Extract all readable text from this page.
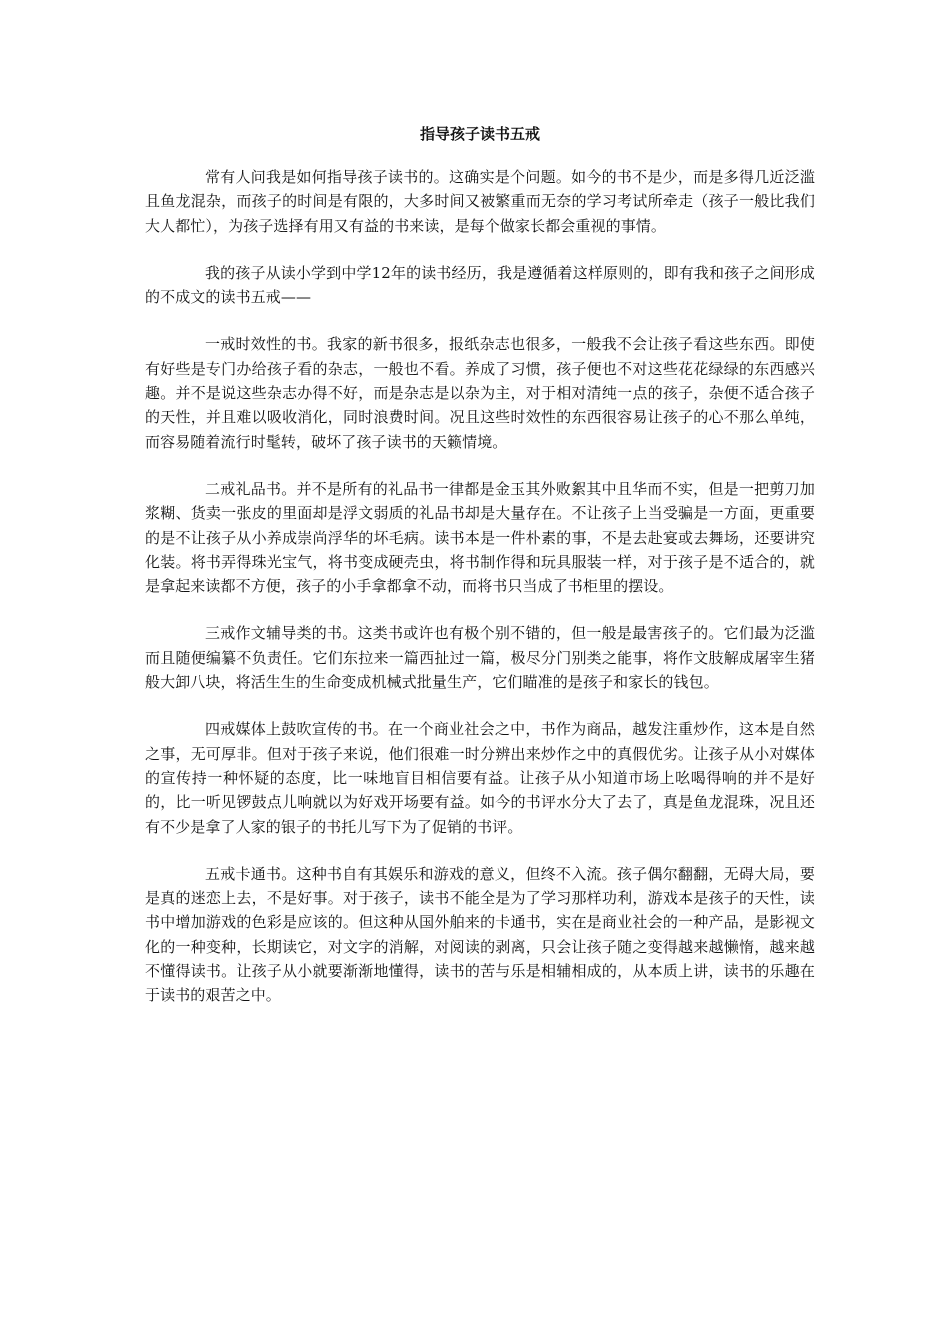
指导孩子读书五戒

常有人问我是如何指导孩子读书的。这确实是个问题。如今的书不是少，而是多得几近泛滥且鱼龙混杂，而孩子的时间是有限的，大多时间又被繁重而无奈的学习考试所牵走（孩子一般比我们大人都忙），为孩子选择有用又有益的书来读，是每个做家长都会重视的事情。

我的孩子从读小学到中学12年的读书经历，我是遵循着这样原则的，即有我和孩子之间形成的不成文的读书五戒——

一戒时效性的书。我家的新书很多，报纸杂志也很多，一般我不会让孩子看这些东西。即使有好些是专门办给孩子看的杂志，一般也不看。养成了习惯，孩子便也不对这些花花绿绿的东西感兴趣。并不是说这些杂志办得不好，而是杂志是以杂为主，对于相对清纯一点的孩子，杂便不适合孩子的天性，并且难以吸收消化，同时浪费时间。况且这些时效性的东西很容易让孩子的心不那么单纯，而容易随着流行时髦转，破坏了孩子读书的天籁情境。

二戒礼品书。并不是所有的礼品书一律都是金玉其外败絮其中且华而不实，但是一把剪刀加浆糊、货卖一张皮的里面却是浮文弱质的礼品书却是大量存在。不让孩子上当受骗是一方面，更重要的是不让孩子从小养成崇尚浮华的坏毛病。读书本是一件朴素的事，不是去赴宴或去舞场，还要讲究化装。将书弄得珠光宝气，将书变成硬壳虫，将书制作得和玩具服装一样，对于孩子是不适合的，就是拿起来读都不方便，孩子的小手拿都拿不动，而将书只当成了书柜里的摆设。

三戒作文辅导类的书。这类书或许也有极个别不错的，但一般是最害孩子的。它们最为泛滥而且随便编纂不负责任。它们东拉来一篇西扯过一篇，极尽分门别类之能事，将作文肢解成屠宰生猪般大卸八块，将活生生的生命变成机械式批量生产，它们瞄准的是孩子和家长的钱包。

四戒媒体上鼓吹宣传的书。在一个商业社会之中，书作为商品，越发注重炒作，这本是自然之事，无可厚非。但对于孩子来说，他们很难一时分辨出来炒作之中的真假优劣。让孩子从小对媒体的宣传持一种怀疑的态度，比一味地盲目相信要有益。让孩子从小知道市场上吆喝得响的并不是好的，比一听见锣鼓点儿响就以为好戏开场要有益。如今的书评水分大了去了，真是鱼龙混珠，况且还有不少是拿了人家的银子的书托儿写下为了促销的书评。

五戒卡通书。这种书自有其娱乐和游戏的意义，但终不入流。孩子偶尔翻翻，无碍大局，要是真的迷恋上去，不是好事。对于孩子，读书不能全是为了学习那样功利，游戏本是孩子的天性，读书中增加游戏的色彩是应该的。但这种从国外舶来的卡通书，实在是商业社会的一种产品，是影视文化的一种变种，长期读它，对文字的消解，对阅读的剥离，只会让孩子随之变得越来越懒惰，越来越不懂得读书。让孩子从小就要渐渐地懂得，读书的苦与乐是相辅相成的，从本质上讲，读书的乐趣在于读书的艰苦之中。
